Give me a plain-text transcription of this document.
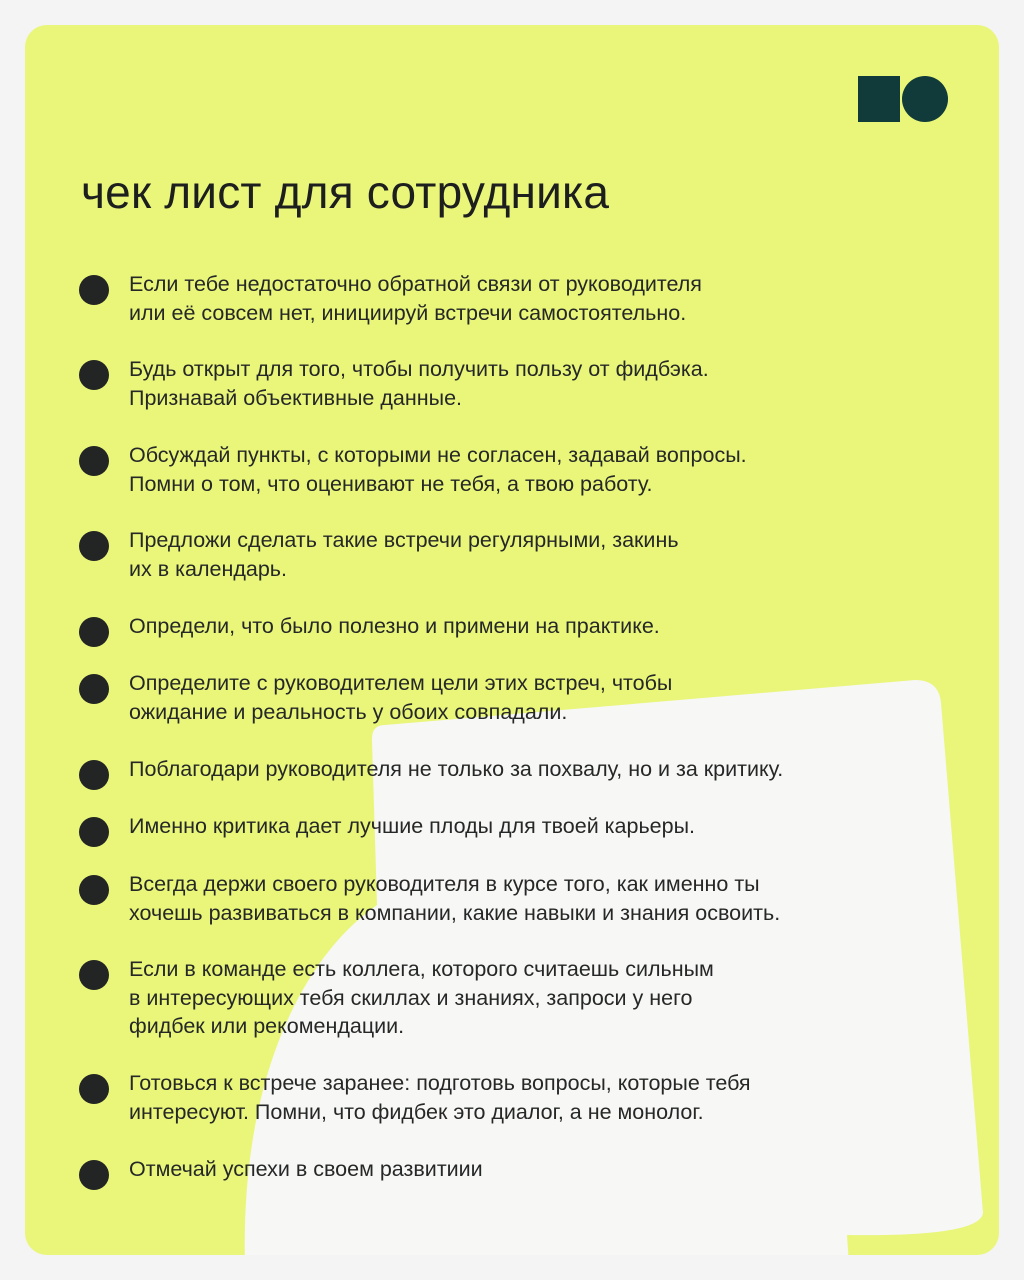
чек лист для сотрудника
Если тебе недостаточно обратной связи от руководителя
или её совсем нет, инициируй встречи самостоятельно.
Будь открыт для того, чтобы получить пользу от фидбэка.
Признавай объективные данные.
Обсуждай пункты, с которыми не согласен, задавай вопросы.
Помни о том, что оценивают не тебя, а твою работу.
Предложи сделать такие встречи регулярными, закинь
их в календарь.
Определи, что было полезно и примени на практике.
Определите с руководителем цели этих встреч, чтобы
ожидание и реальность у обоих совпадали.
Поблагодари руководителя не только за похвалу, но и за критику.
Именно критика дает лучшие плоды для твоей карьеры.
Всегда держи своего руководителя в курсе того, как именно ты
хочешь развиваться в компании, какие навыки и знания освоить.
Если в команде есть коллега, которого считаешь сильным
в интересующих тебя скиллах и знаниях, запроси у него
фидбек или рекомендации.
Готовься к встрече заранее: подготовь вопросы, которые тебя
интересуют. Помни, что фидбек это диалог, а не монолог.
Отмечай успехи в своем развитиии
